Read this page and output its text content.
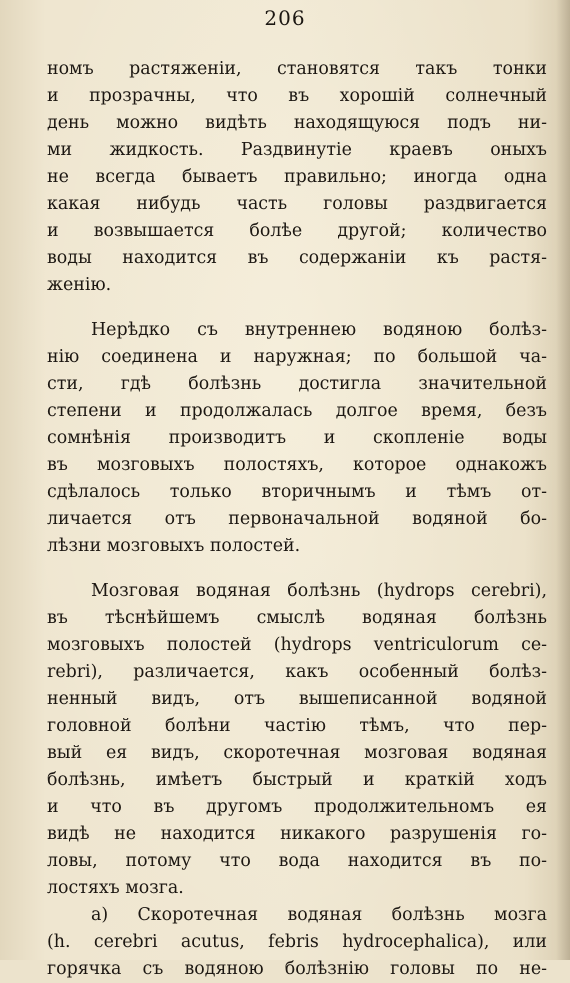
206
номъ растяженіи, становятся такъ тонки
и прозрачны, что въ хорошій солнечный
день можно видѣть находящуюся подъ ни-
ми жидкость. Раздвинутіе краевъ оныхъ
не всегда бываетъ правильно; иногда одна
какая нибудь часть головы раздвигается
и возвышается болѣе другой; количество
воды находится въ содержаніи къ растя-
женію.
Нерѣдко съ внутреннею водяною болѣз-
нію соединена и наружная; по большой ча-
сти, гдѣ болѣзнь достигла значительной
степени и продолжалась долгое время, безъ
сомнѣнія производитъ и скопленіе воды
въ мозговыхъ полостяхъ, которое однакожъ
сдѣлалось только вторичнымъ и тѣмъ от-
личается отъ первоначальной водяной бо-
лѣзни мозговыхъ полостей.
Мозговая водяная болѣзнь (hydrops cerebri),
въ тѣснѣйшемъ смыслѣ водяная болѣзнь
мозговыхъ полостей (hydrops ventriculorum ce-
rebri), различается, какъ особенный болѣз-
ненный видъ, отъ вышеписанной водяной
головной болѣни частію тѣмъ, что пер-
вый ея видъ, скоротечная мозговая водяная
болѣзнь, имѣетъ быстрый и краткій ходъ
и что въ другомъ продолжительномъ ея
видѣ не находится никакого разрушенія го-
ловы, потому что вода находится въ по-
лостяхъ мозга.
а) Скоротечная водяная болѣзнь мозга
(h. cerebri acutus, febris hydrocephalica), или
горячка съ водяною болѣзнію головы по не-
